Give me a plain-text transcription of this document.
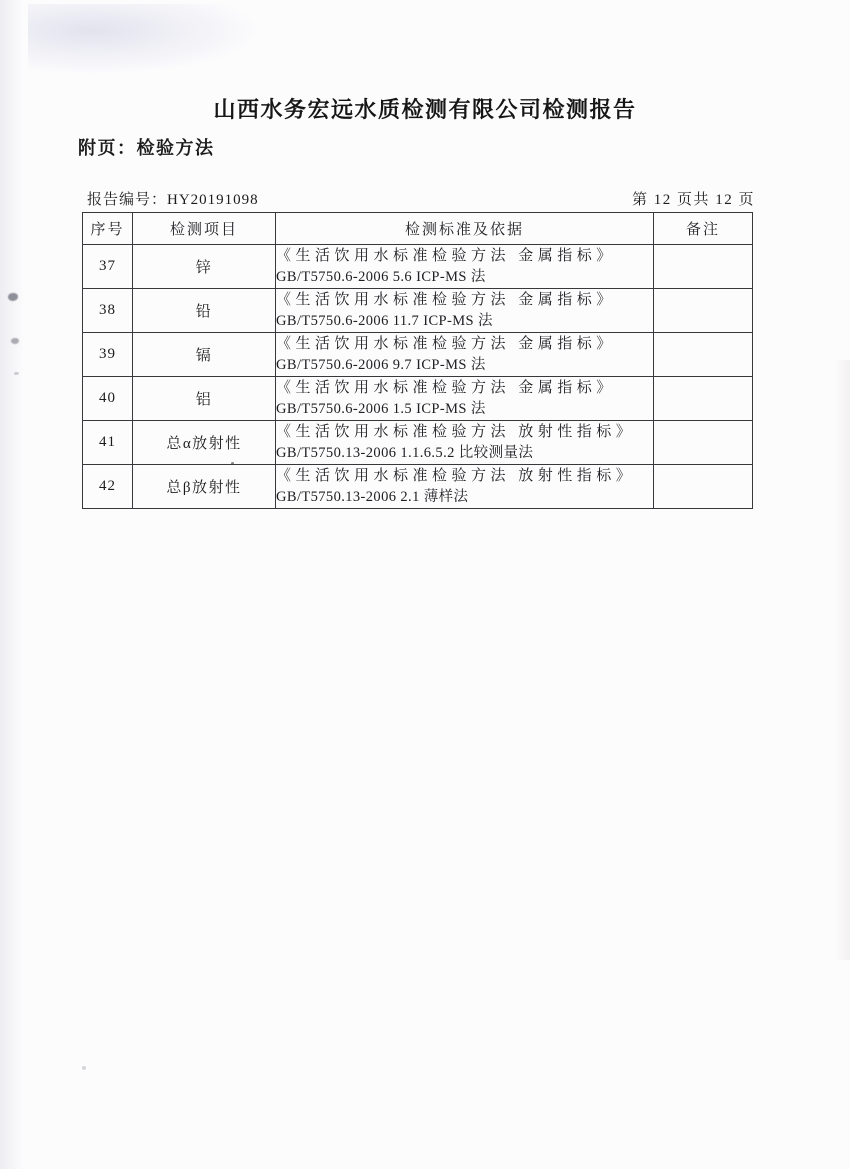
山西水务宏远水质检测有限公司检测报告
附页：检验方法
报告编号：HY20191098	第 12 页共 12 页
序号	检测项目	检测标准及依据	备注
37	锌	《生活饮用水标准检验方法 金属指标》
GB/T5750.6-2006 5.6 ICP-MS 法	

38	铅	《生活饮用水标准检验方法 金属指标》
GB/T5750.6-2006 11.7 ICP-MS 法	

39	镉	《生活饮用水标准检验方法 金属指标》
GB/T5750.6-2006 9.7 ICP-MS 法	

40	铝	《生活饮用水标准检验方法 金属指标》
GB/T5750.6-2006 1.5 ICP-MS 法	

41	总α放射性	《生活饮用水标准检验方法 放射性指标》
GB/T5750.13-2006 1.1.6.5.2 比较测量法	

42	总β放射性	《生活饮用水标准检验方法 放射性指标》
GB/T5750.13-2006 2.1 薄样法	
